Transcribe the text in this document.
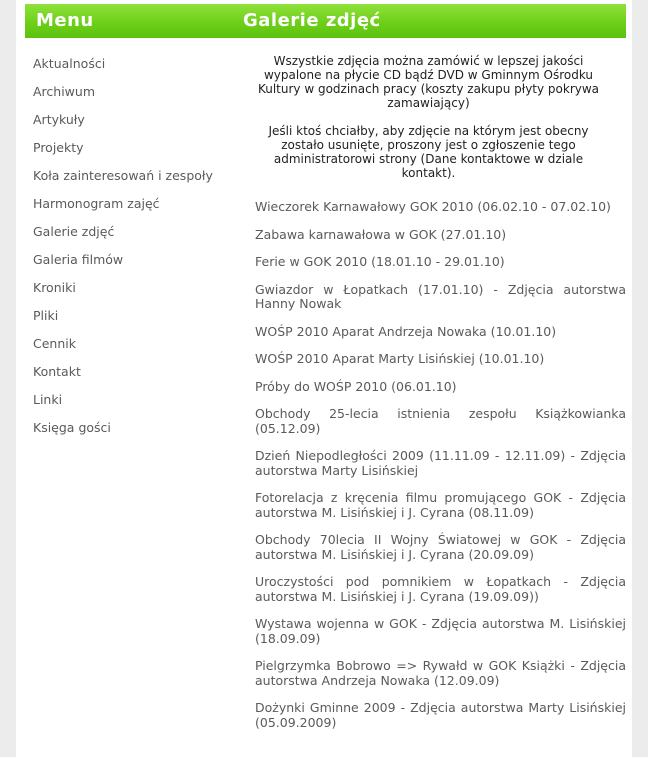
Menu
Aktualności
Archiwum
Artykuły
Projekty
Koła zainteresowań i zespoły
Harmonogram zajęć
Galerie zdjęć
Galeria filmów
Kroniki
Pliki
Cennik
Kontakt
Linki
Księga gości
Galerie zdjęć

Wszystkie zdjęcia można zamówić w lepszej jakości wypalone na płycie CD bądź DVD w Gminnym Ośrodku Kultury w godzinach pracy (koszty zakupu płyty pokrywa zamawiający)

Jeśli ktoś chciałby, aby zdjęcie na którym jest obecny zostało usunięte, proszony jest o zgłoszenie tego administratorowi strony (Dane kontaktowe w dziale kontakt).

Wieczorek Karnawałowy GOK 2010 (06.02.10 - 07.02.10)
Zabawa karnawałowa w GOK (27.01.10)
Ferie w GOK 2010 (18.01.10 - 29.01.10)
Gwiazdor w Łopatkach (17.01.10) - Zdjęcia autorstwa Hanny Nowak
WOŚP 2010 Aparat Andrzeja Nowaka (10.01.10)
WOŚP 2010 Aparat Marty Lisińskiej (10.01.10)
Próby do WOŚP 2010 (06.01.10)
Obchody 25-lecia istnienia zespołu Książkowianka (05.12.09)
Dzień Niepodległości 2009 (11.11.09 - 12.11.09) - Zdjęcia autorstwa Marty Lisińskiej
Fotorelacja z kręcenia filmu promującego GOK - Zdjęcia autorstwa M. Lisińskiej i J. Cyrana (08.11.09)
Obchody 70lecia II Wojny Światowej w GOK - Zdjęcia autorstwa M. Lisińskiej i J. Cyrana (20.09.09)
Uroczystości pod pomnikiem w Łopatkach - Zdjęcia autorstwa M. Lisińskiej i J. Cyrana (19.09.09))
Wystawa wojenna w GOK - Zdjęcia autorstwa M. Lisińskiej (18.09.09)
Pielgrzymka Bobrowo => Rywałd w GOK Książki - Zdjęcia autorstwa Andrzeja Nowaka (12.09.09)
Dożynki Gminne 2009 - Zdjęcia autorstwa Marty Lisińskiej (05.09.2009)
